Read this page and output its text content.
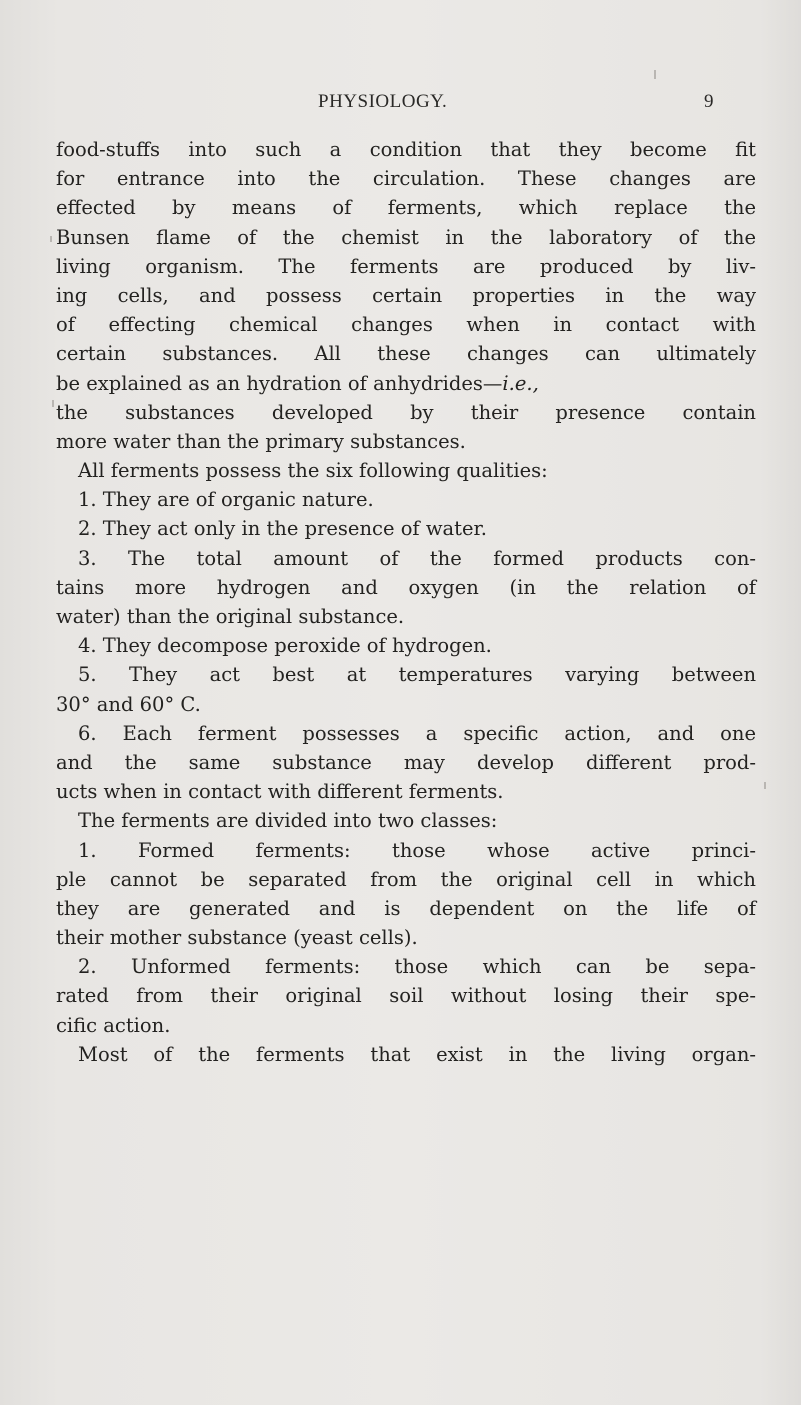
PHYSIOLOGY.	9
food-stuffs into such a condition that they become fit
for entrance into the circulation. These changes are
effected by means of ferments, which replace the
Bunsen flame of the chemist in the laboratory of the
living organism. The ferments are produced by liv-
ing cells, and possess certain properties in the way
of effecting chemical changes when in contact with
certain substances. All these changes can ultimately
be explained as an hydration of anhydrides—i.e.,
the substances developed by their presence contain
more water than the primary substances.
All ferments possess the six following qualities:
1. They are of organic nature.
2. They act only in the presence of water.
3. The total amount of the formed products con-
tains more hydrogen and oxygen (in the relation of
water) than the original substance.
4. They decompose peroxide of hydrogen.
5. They act best at temperatures varying between
30° and 60° C.
6. Each ferment possesses a specific action, and one
and the same substance may develop different prod-
ucts when in contact with different ferments.
The ferments are divided into two classes:
1. Formed ferments: those whose active princi-
ple cannot be separated from the original cell in which
they are generated and is dependent on the life of
their mother substance (yeast cells).
2. Unformed ferments: those which can be sepa-
rated from their original soil without losing their spe-
cific action.
Most of the ferments that exist in the living organ-
